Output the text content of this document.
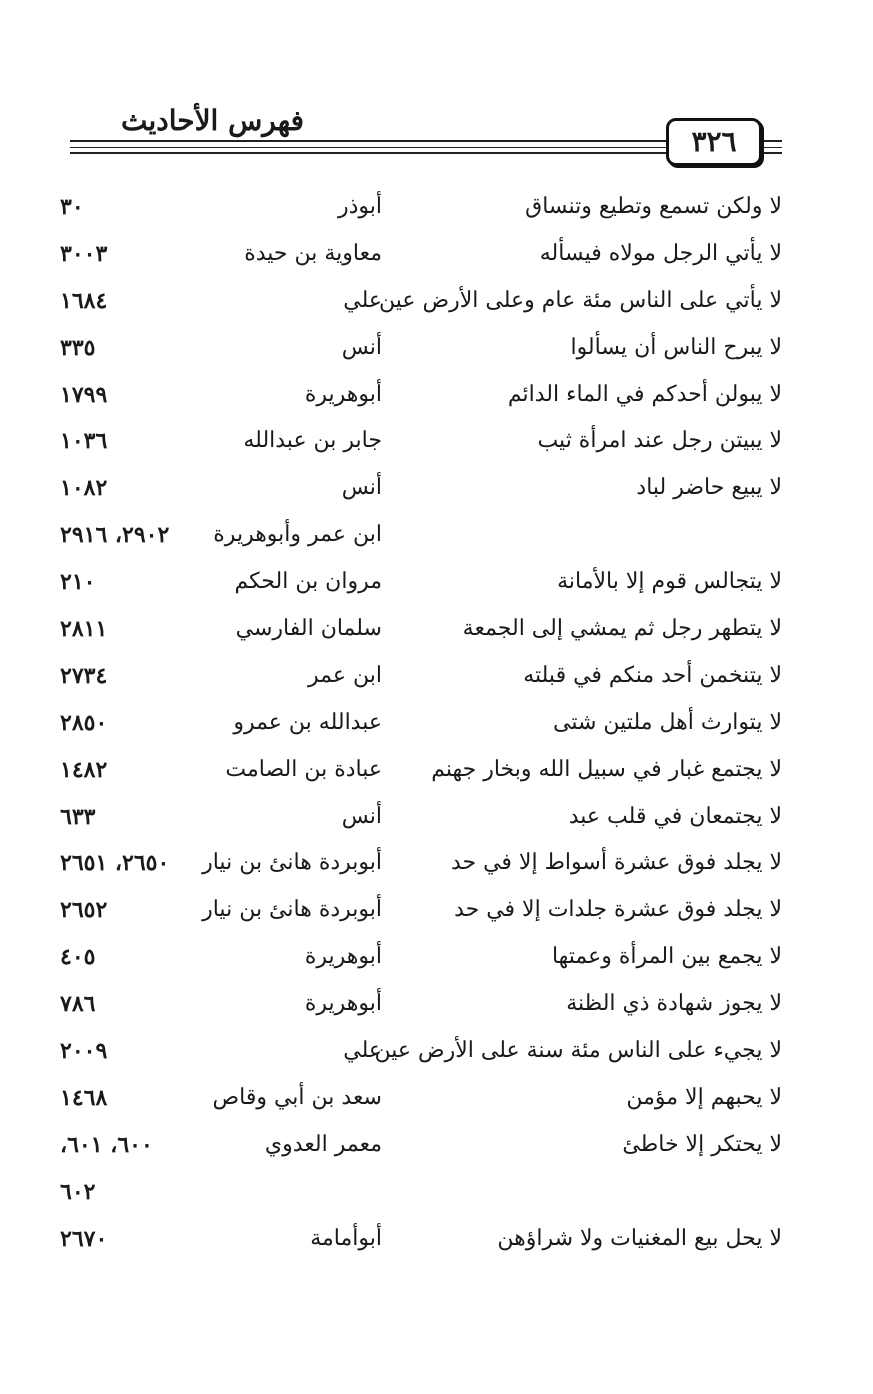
فهرس الأحاديث
٣٢٦
لا ولكن تسمع وتطيع وتنساق
أبوذر
٣٠
لا يأتي الرجل مولاه فيسأله
معاوية بن حيدة
٣٠٠٣
لا يأتي على الناس مئة عام وعلى الأرض عين
علي
١٦٨٤
لا يبرح الناس أن يسألوا
أنس
٣٣٥
لا يبولن أحدكم في الماء الدائم
أبوهريرة
١٧٩٩
لا يبيتن رجل عند امرأة ثيب
جابر بن عبدالله
١٠٣٦
لا يبيع حاضر لباد
أنس
١٠٨٢
ابن عمر وأبوهريرة
٢٩٠٢، ٢٩١٦
لا يتجالس قوم إلا بالأمانة
مروان بن الحكم
٢١٠
لا يتطهر رجل ثم يمشي إلى الجمعة
سلمان الفارسي
٢٨١١
لا يتنخمن أحد منكم في قبلته
ابن عمر
٢٧٣٤
لا يتوارث أهل ملتين شتى
عبدالله بن عمرو
٢٨٥٠
لا يجتمع غبار في سبيل الله وبخار جهنم
عبادة بن الصامت
١٤٨٢
لا يجتمعان في قلب عبد
أنس
٦٣٣
لا يجلد فوق عشرة أسواط إلا في حد
أبوبردة هانئ بن نيار
٢٦٥٠، ٢٦٥١
لا يجلد فوق عشرة جلدات إلا في حد
أبوبردة هانئ بن نيار
٢٦٥٢
لا يجمع بين المرأة وعمتها
أبوهريرة
٤٠٥
لا يجوز شهادة ذي الظنة
أبوهريرة
٧٨٦
لا يجيء على الناس مئة سنة على الأرض عين
علي
٢٠٠٩
لا يحبهم إلا مؤمن
سعد بن أبي وقاص
١٤٦٨
لا يحتكر إلا خاطئ
معمر العدوي
٦٠٠، ٦٠١،
٦٠٢
لا يحل بيع المغنيات ولا شراؤهن
أبوأمامة
٢٦٧٠
